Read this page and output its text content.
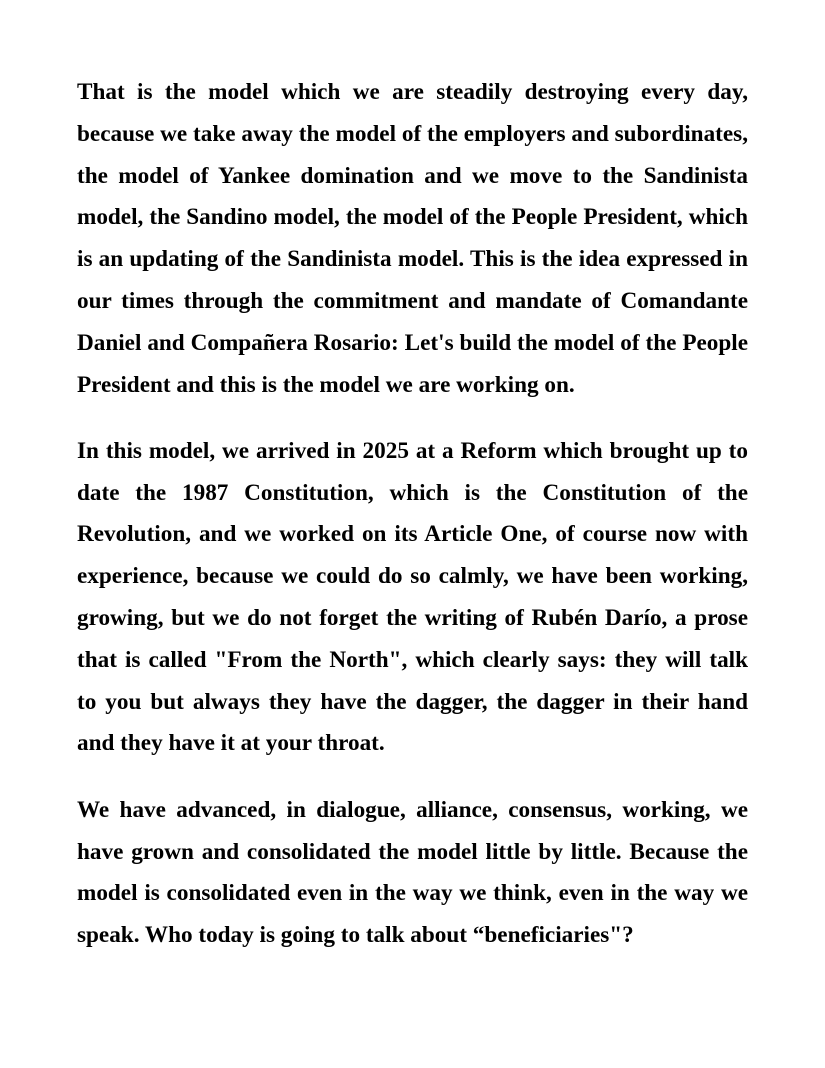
That is the model which we are steadily destroying every day, because we take away the model of the employers and subordinates, the model of Yankee domination and we move to the Sandinista model, the Sandino model, the model of the People President, which is an updating of the Sandinista model. This is the idea expressed in our times through the commitment and mandate of Comandante Daniel and Compañera Rosario: Let's build the model of the People President and this is the model we are working on.

In this model, we arrived in 2025 at a Reform which brought up to date the 1987 Constitution, which is the Constitution of the Revolution, and we worked on its Article One, of course now with experience, because we could do so calmly, we have been working, growing, but we do not forget the writing of Rubén Darío, a prose that is called "From the North", which clearly says: they will talk to you but always they have the dagger, the dagger in their hand and they have it at your throat.

We have advanced, in dialogue, alliance, consensus, working, we have grown and consolidated the model little by little. Because the model is consolidated even in the way we think, even in the way we speak. Who today is going to talk about “beneficiaries"?
